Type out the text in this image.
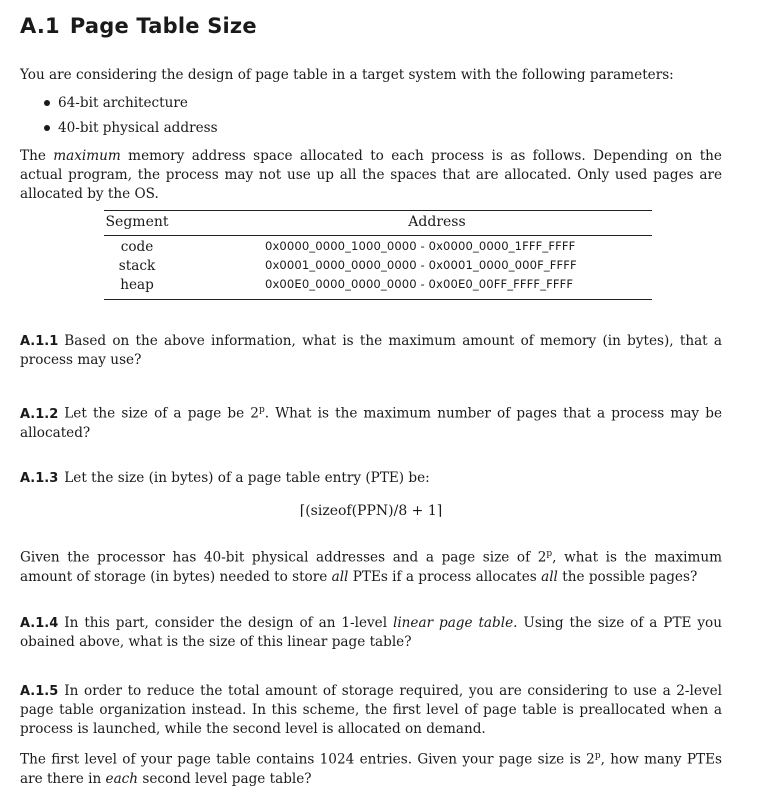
A.1 Page Table Size

You are considering the design of page table in a target system with the following parameters:

64-bit architecture
40-bit physical address

The maximum memory address space allocated to each process is as follows. Depending on the actual program, the process may not use up all the spaces that are allocated. Only used pages are allocated by the OS.

Segment	Address
code	0x0000_0000_1000_0000 - 0x0000_0000_1FFF_FFFF
stack	0x0001_0000_0000_0000 - 0x0001_0000_000F_FFFF
heap	0x00E0_0000_0000_0000 - 0x00E0_00FF_FFFF_FFFF

A.1.1 Based on the above information, what is the maximum amount of memory (in bytes), that a process may use?

A.1.2 Let the size of a page be 2$^p$. What is the maximum number of pages that a process may be allocated?

A.1.3 Let the size (in bytes) of a page table entry (PTE) be:

⌈(sizeof(PPN)/8 + 1⌉

Given the processor has 40-bit physical addresses and a page size of 2$^p$, what is the maximum amount of storage (in bytes) needed to store all PTEs if a process allocates all the possible pages?

A.1.4 In this part, consider the design of an 1-level linear page table. Using the size of a PTE you obained above, what is the size of this linear page table?

A.1.5 In order to reduce the total amount of storage required, you are considering to use a 2-level page table organization instead. In this scheme, the first level of page table is preallocated when a process is launched, while the second level is allocated on demand.

The first level of your page table contains 1024 entries. Given your page size is 2$^p$, how many PTEs are there in each second level page table?
